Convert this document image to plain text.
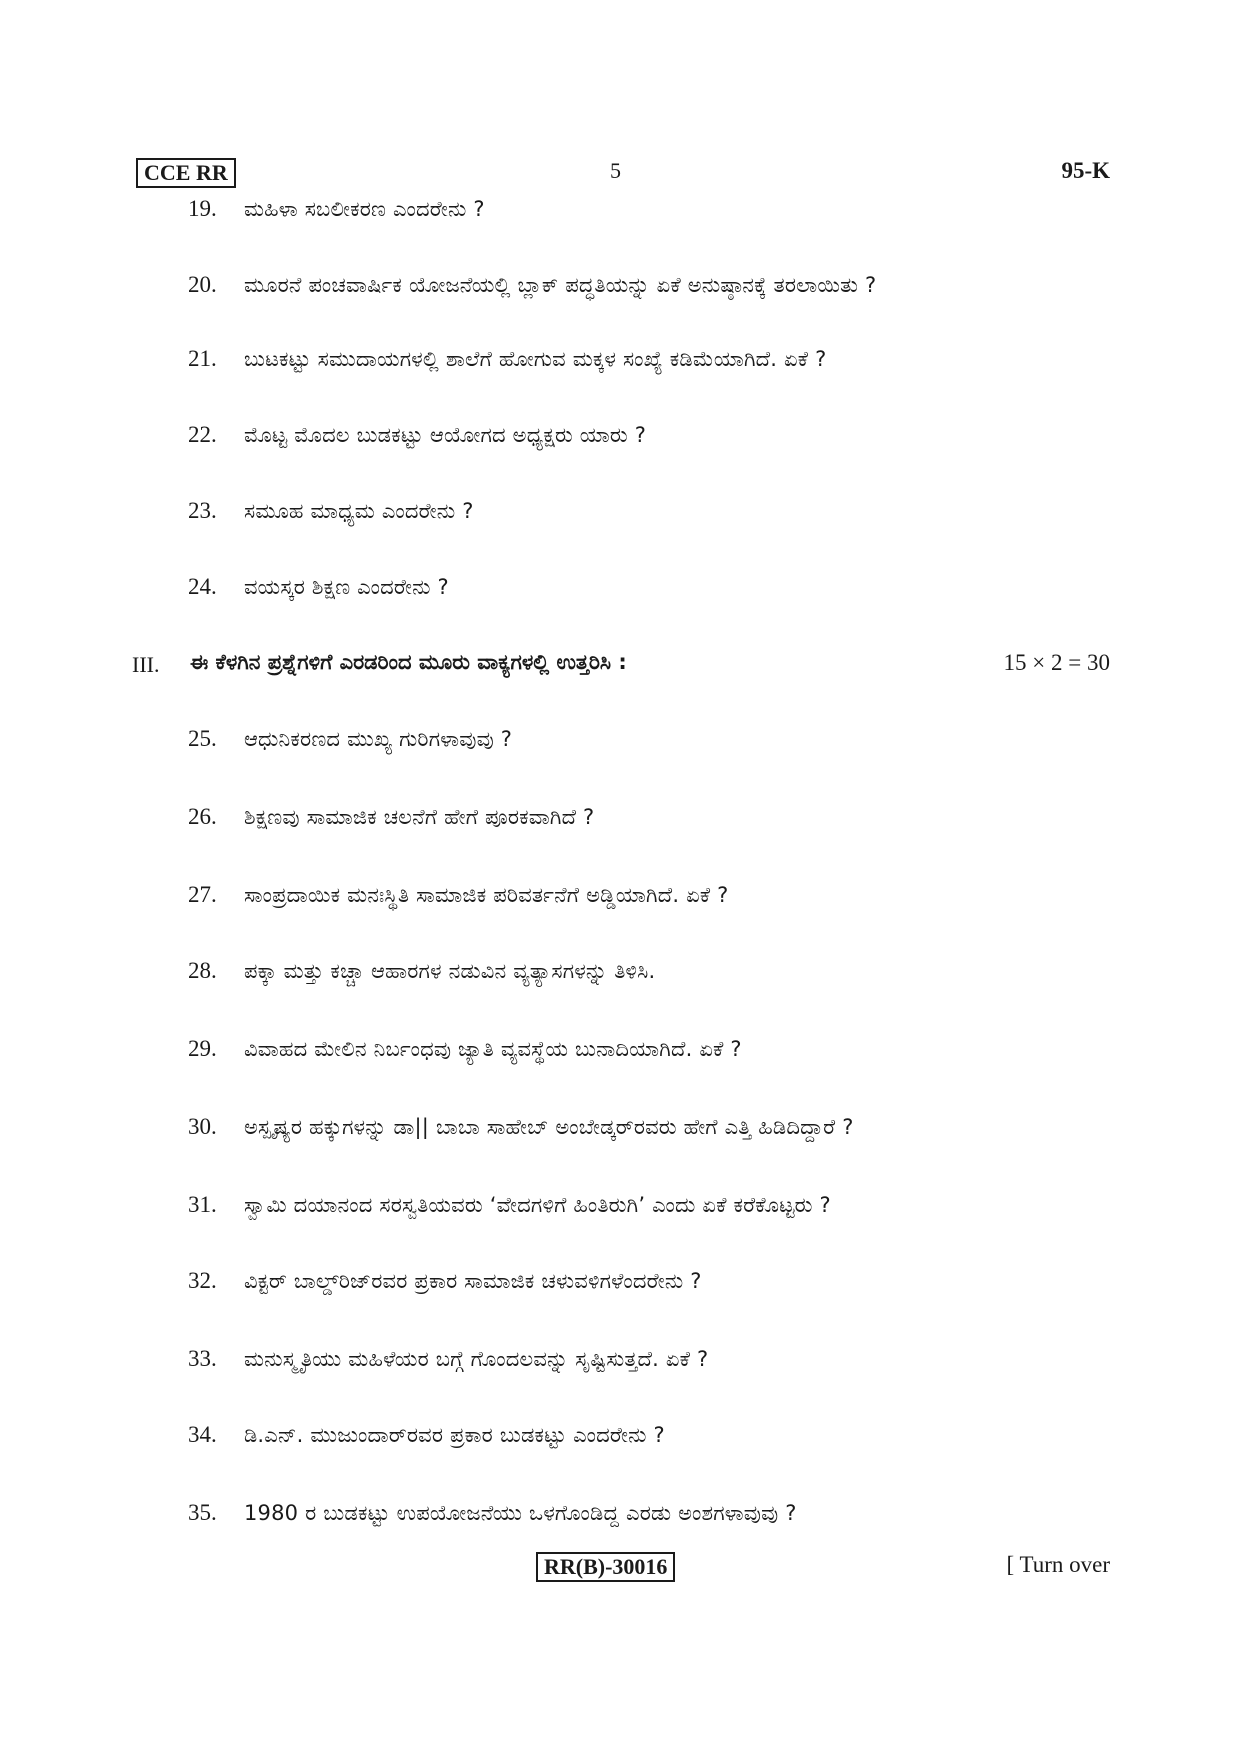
CCE RR	5	95-K
19. ಮಹಿಳಾ ಸಬಲೀಕರಣ ಎಂದರೇನು ?
20. ಮೂರನೆ ಪಂಚವಾರ್ಷಿಕ ಯೋಜನೆಯಲ್ಲಿ ಬ್ಲಾಕ್ ಪದ್ಧತಿಯನ್ನು ಏಕೆ ಅನುಷ್ಠಾನಕ್ಕೆ ತರಲಾಯಿತು ?
21. ಬುಟಕಟ್ಟು ಸಮುದಾಯಗಳಲ್ಲಿ ಶಾಲೆಗೆ ಹೋಗುವ ಮಕ್ಕಳ ಸಂಖ್ಯೆ ಕಡಿಮೆಯಾಗಿದೆ. ಏಕೆ ?
22. ಮೊಟ್ಟ ಮೊದಲ ಬುಡಕಟ್ಟು ಆಯೋಗದ ಅಧ್ಯಕ್ಷರು ಯಾರು ?
23. ಸಮೂಹ ಮಾಧ್ಯಮ ಎಂದರೇನು ?
24. ವಯಸ್ಕರ ಶಿಕ್ಷಣ ಎಂದರೇನು ?
III. ಈ ಕೆಳಗಿನ ಪ್ರಶ್ನೆಗಳಿಗೆ ಎರಡರಿಂದ ಮೂರು ವಾಕ್ಯಗಳಲ್ಲಿ ಉತ್ತರಿಸಿ :	15 × 2 = 30
25. ಆಧುನಿಕರಣದ ಮುಖ್ಯ ಗುರಿಗಳಾವುವು ?
26. ಶಿಕ್ಷಣವು ಸಾಮಾಜಿಕ ಚಲನೆಗೆ ಹೇಗೆ ಪೂರಕವಾಗಿದೆ ?
27. ಸಾಂಪ್ರದಾಯಿಕ ಮನಃಸ್ಥಿತಿ ಸಾಮಾಜಿಕ ಪರಿವರ್ತನೆಗೆ ಅಡ್ಡಿಯಾಗಿದೆ. ಏಕೆ ?
28. ಪಕ್ಕಾ ಮತ್ತು ಕಚ್ಚಾ ಆಹಾರಗಳ ನಡುವಿನ ವ್ಯತ್ಯಾಸಗಳನ್ನು ತಿಳಿಸಿ.
29. ವಿವಾಹದ ಮೇಲಿನ ನಿರ್ಬಂಧವು ಜ್ಯಾತಿ ವ್ಯವಸ್ಥೆಯ ಬುನಾದಿಯಾಗಿದೆ. ಏಕೆ ?
30. ಅಸ್ಪೃಷ್ಯರ ಹಕ್ಕುಗಳನ್ನು ಡಾ|| ಬಾಬಾ ಸಾಹೇಬ್ ಅಂಬೇಡ್ಕರ್‌ರವರು ಹೇಗೆ ಎತ್ತಿ ಹಿಡಿದಿದ್ದಾರೆ ?
31. ಸ್ವಾಮಿ ದಯಾನಂದ ಸರಸ್ವತಿಯವರು ‘ವೇದಗಳಿಗೆ ಹಿಂತಿರುಗಿ’ ಎಂದು ಏಕೆ ಕರೆಕೊಟ್ಟರು ?
32. ವಿಕ್ಟರ್ ಬಾಲ್ಡ್‌ರಿಜ್‌ರವರ ಪ್ರಕಾರ ಸಾಮಾಜಿಕ ಚಳುವಳಿಗಳೆಂದರೇನು ?
33. ಮನುಸ್ಮೃತಿಯು ಮಹಿಳೆಯರ ಬಗ್ಗೆ ಗೊಂದಲವನ್ನು ಸೃಷ್ಟಿಸುತ್ತದೆ. ಏಕೆ ?
34. ಡಿ.ಎನ್. ಮುಜುಂದಾರ್‌ರವರ ಪ್ರಕಾರ ಬುಡಕಟ್ಟು ಎಂದರೇನು ?
35. 1980 ರ ಬುಡಕಟ್ಟು ಉಪಯೋಜನೆಯು ಒಳಗೊಂಡಿದ್ದ ಎರಡು ಅಂಶಗಳಾವುವು ?
RR(B)-30016	[ Turn over
